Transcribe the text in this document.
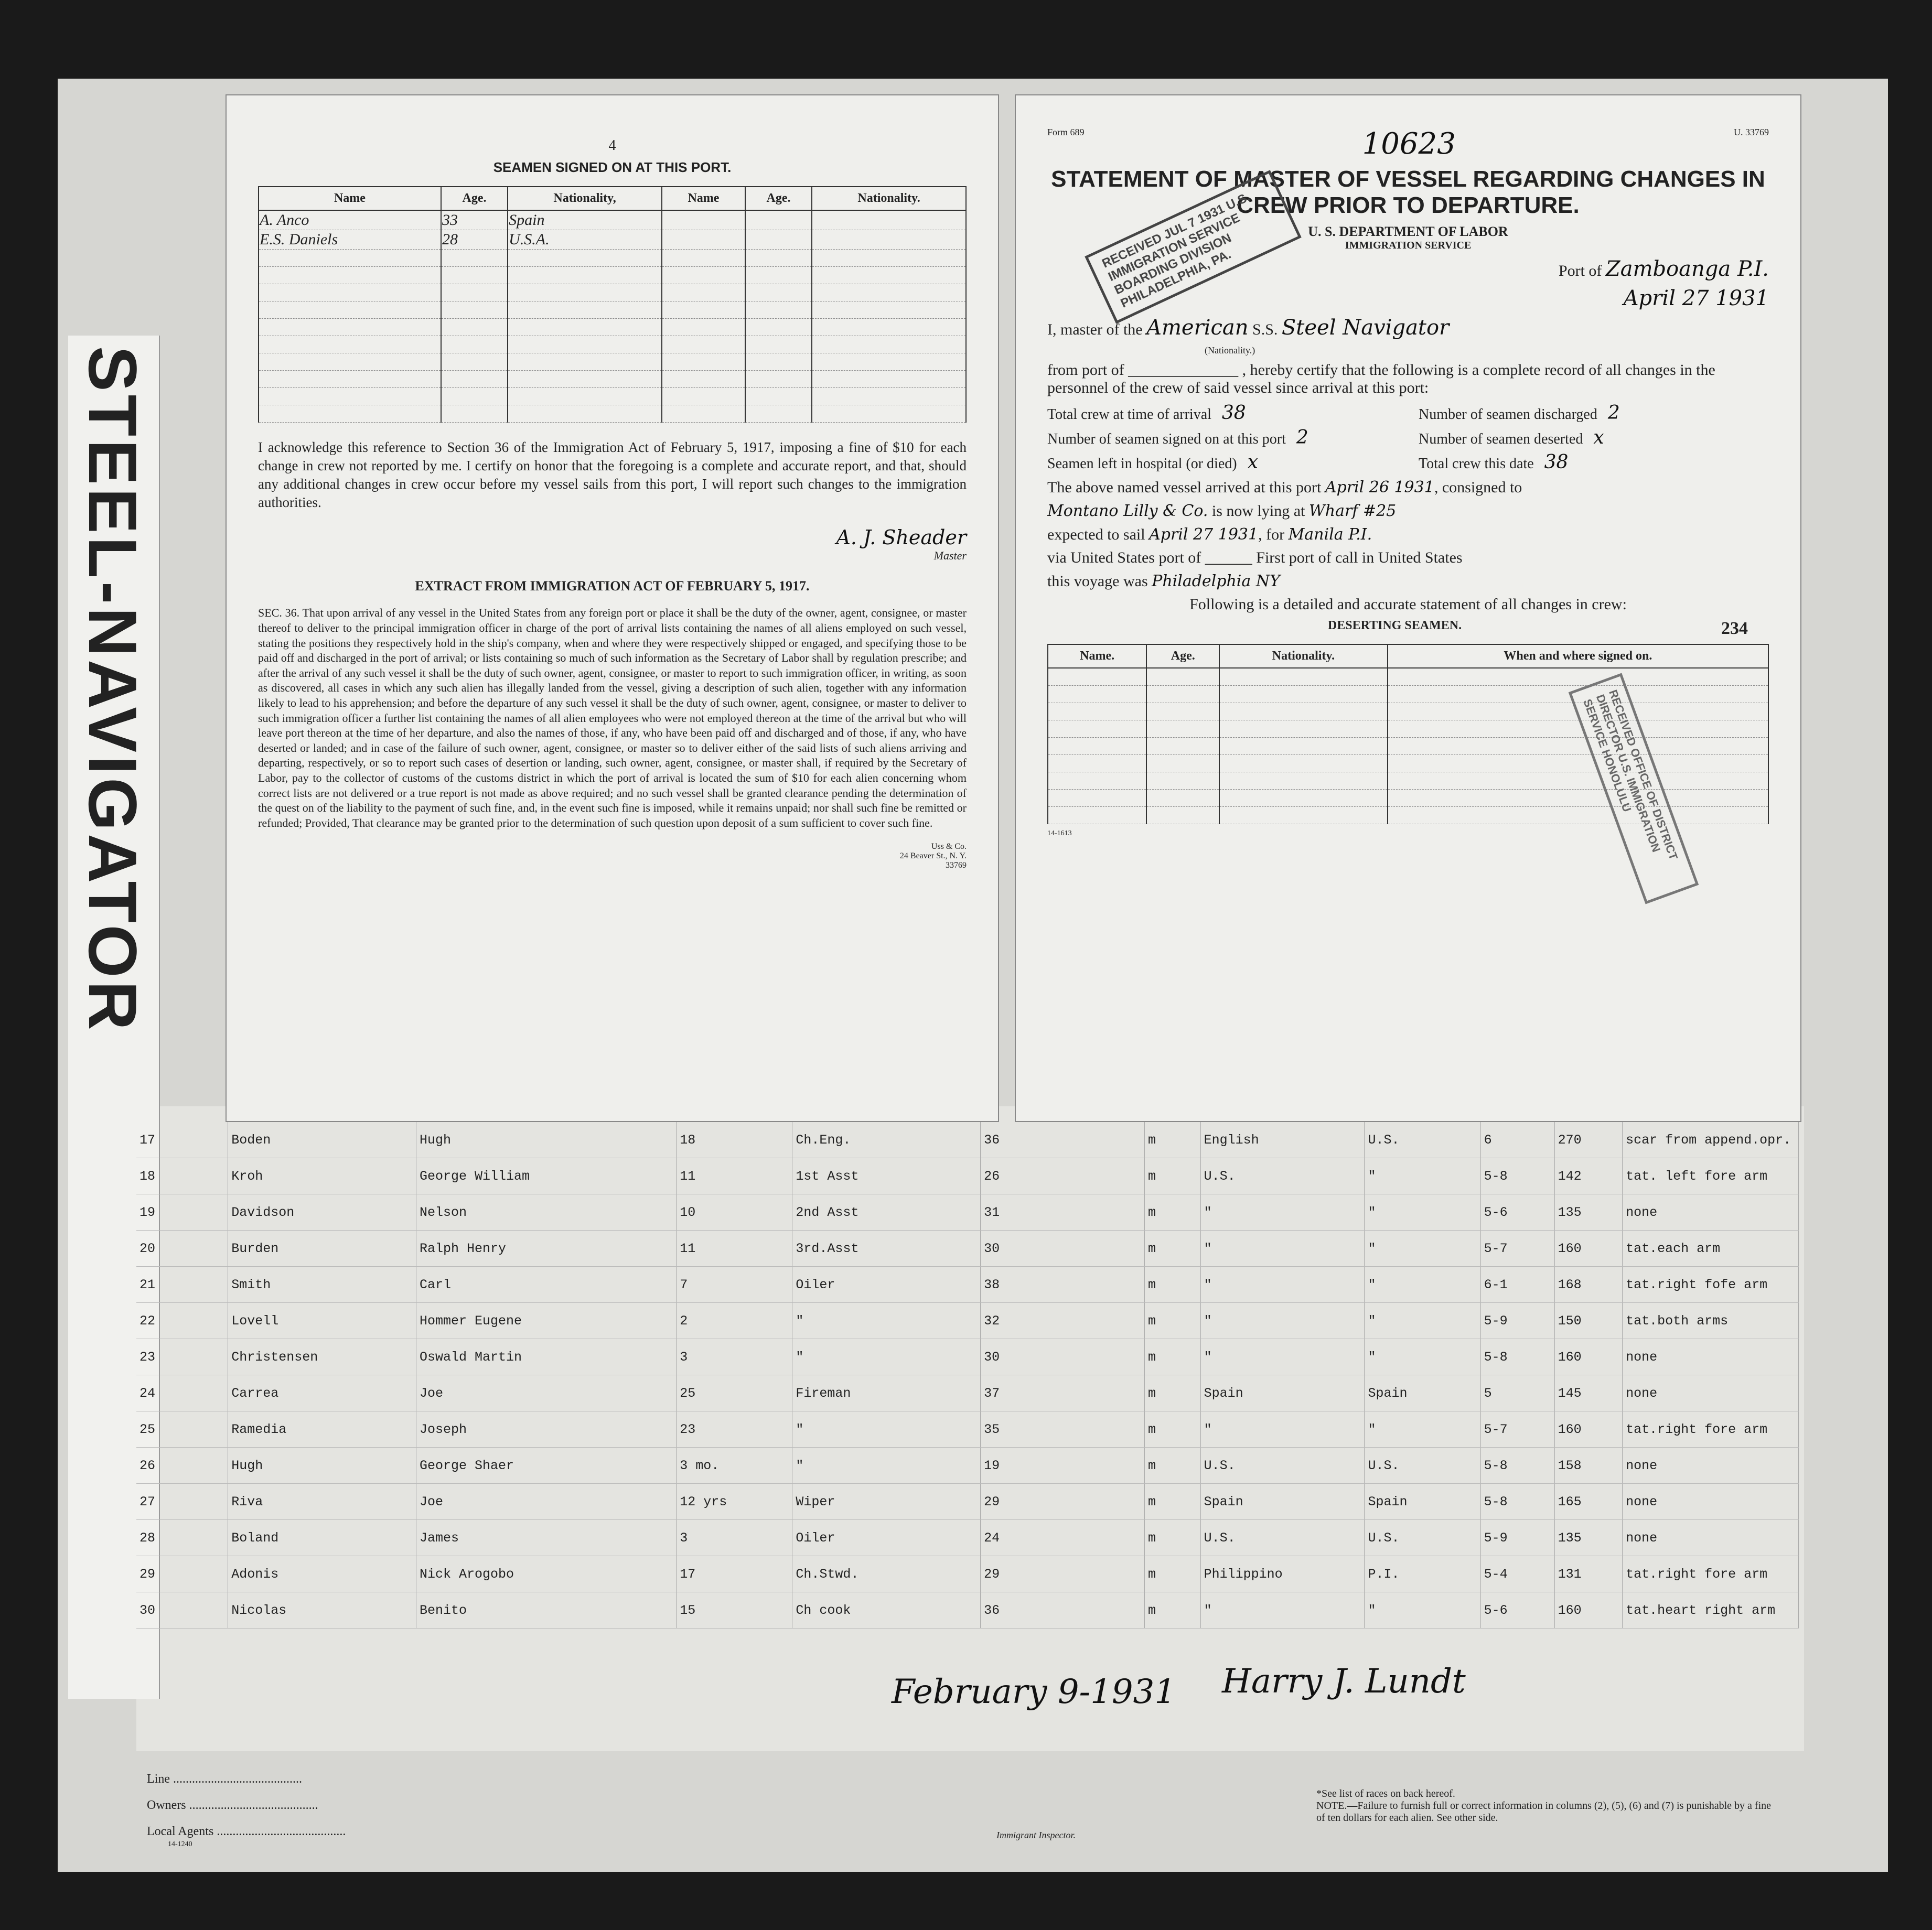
STEEL-NAVIGATOR
17	Boden	Hugh	18	Ch.Eng.	36	m	English	U.S.	6	270	scar from append.opr.
18	Kroh	George William	11	1st Asst	26	m	U.S.	"	5-8	142	tat. left fore arm
19	Davidson	Nelson	10	2nd Asst	31	m	"	"	5-6	135	none
20	Burden	Ralph Henry	11	3rd.Asst	30	m	"	"	5-7	160	tat.each arm
21	Smith	Carl	7	Oiler	38	m	"	"	6-1	168	tat.right fofe arm
22	Lovell	Hommer Eugene	2	"	32	m	"	"	5-9	150	tat.both arms
23	Christensen	Oswald Martin	3	"	30	m	"	"	5-8	160	none
24	Carrea	Joe	25	Fireman	37	m	Spain	Spain	5	145	none
25	Ramedia	Joseph	23	"	35	m	"	"	5-7	160	tat.right fore arm
26	Hugh	George Shaer	3 mo.	"	19	m	U.S.	U.S.	5-8	158	none
27	Riva	Joe	12 yrs	Wiper	29	m	Spain	Spain	5-8	165	none
28	Boland	James	3	Oiler	24	m	U.S.	U.S.	5-9	135	none
29	Adonis	Nick Arogobo	17	Ch.Stwd.	29	m	Philippino	P.I.	5-4	131	tat.right fore arm
30	Nicolas	Benito	15	Ch cook	36	m	"	"	5-6	160	tat.heart right arm
4
SEAMEN SIGNED ON AT THIS PORT.
Name	Age.	Nationality,	Name	Age.	Nationality.
A. Anco	33	Spain			
E.S. Daniels	28	U.S.A.			

I acknowledge this reference to Section 36 of the Immigration Act of February 5, 1917, imposing a fine of $10 for each change in crew not reported by me. I certify on honor that the foregoing is a complete and accurate report, and that, should any additional changes in crew occur before my vessel sails from this port, I will report such changes to the immigration authorities.

A. J. Sheader
Master
EXTRACT FROM IMMIGRATION ACT OF FEBRUARY 5, 1917.

SEC. 36. That upon arrival of any vessel in the United States from any foreign port or place it shall be the duty of the owner, agent, consignee, or master thereof to deliver to the principal immigration officer in charge of the port of arrival lists containing the names of all aliens employed on such vessel, stating the positions they respectively hold in the ship's company, when and where they were respectively shipped or engaged, and specifying those to be paid off and discharged in the port of arrival; or lists containing so much of such information as the Secretary of Labor shall by regulation prescribe; and after the arrival of any such vessel it shall be the duty of such owner, agent, consignee, or master to report to such immigration officer, in writing, as soon as discovered, all cases in which any such alien has illegally landed from the vessel, giving a description of such alien, together with any information likely to lead to his apprehension; and before the departure of any such vessel it shall be the duty of such owner, agent, consignee, or master to deliver to such immigration officer a further list containing the names of all alien employees who were not employed thereon at the time of the arrival but who will leave port thereon at the time of her departure, and also the names of those, if any, who have been paid off and discharged and of those, if any, who have deserted or landed; and in case of the failure of such owner, agent, consignee, or master so to deliver either of the said lists of such aliens arriving and departing, respectively, or so to report such cases of desertion or landing, such owner, agent, consignee, or master shall, if required by the Secretary of Labor, pay to the collector of customs of the customs district in which the port of arrival is located the sum of $10 for each alien concerning whom correct lists are not delivered or a true report is not made as above required; and no such vessel shall be granted clearance pending the determination of the quest on of the liability to the payment of such fine, and, in the event such fine is imposed, while it remains unpaid; nor shall such fine be remitted or refunded; Provided, That clearance may be granted prior to the determination of such question upon deposit of a sum sufficient to cover such fine.

Uss & Co.
24 Beaver St., N. Y.
33769
Form 689	10623	U. 33769
STATEMENT OF MASTER OF VESSEL REGARDING CHANGES IN CREW PRIOR TO DEPARTURE.
U. S. DEPARTMENT OF LABOR
IMMIGRATION SERVICE
Port of Zamboanga P.I.
April 27 1931
I, master of the American S.S. Steel Navigator
(Nationality.)
from port of ______________ , hereby certify that the following is a complete record of all changes in the personnel of the crew of said vessel since arrival at this port:
Total crew at time of arrival 38	Number of seamen discharged 2
Number of seamen signed on at this port 2	Number of seamen deserted x
Seamen left in hospital (or died) x	Total crew this date 38
The above named vessel arrived at this port April 26 1931, consigned to
Montano Lilly & Co. is now lying at Wharf #25
expected to sail April 27 1931, for Manila P.I.
via United States port of ______ First port of call in United States
this voyage was Philadelphia NY
Following is a detailed and accurate statement of all changes in crew:
DESERTING SEAMEN.	234
Name.	Age.	Nationality.	When and where signed on.

14-1613
RECEIVED JUL 7 1931 U.S. IMMIGRATION SERVICE BOARDING DIVISION PHILADELPHIA, PA.
RECEIVED OFFICE OF DISTRICT DIRECTOR U.S. IMMIGRATION SERVICE HONOLULU
February 9-1931 Harry J. Lundt
Line .........................................
Owners .........................................
Local Agents .........................................
14-1240
Immigrant Inspector.
*See list of races on back hereof.
NOTE.—Failure to furnish full or correct information in columns (2), (5), (6) and (7) is punishable by a fine of ten dollars for each alien. See other side.
